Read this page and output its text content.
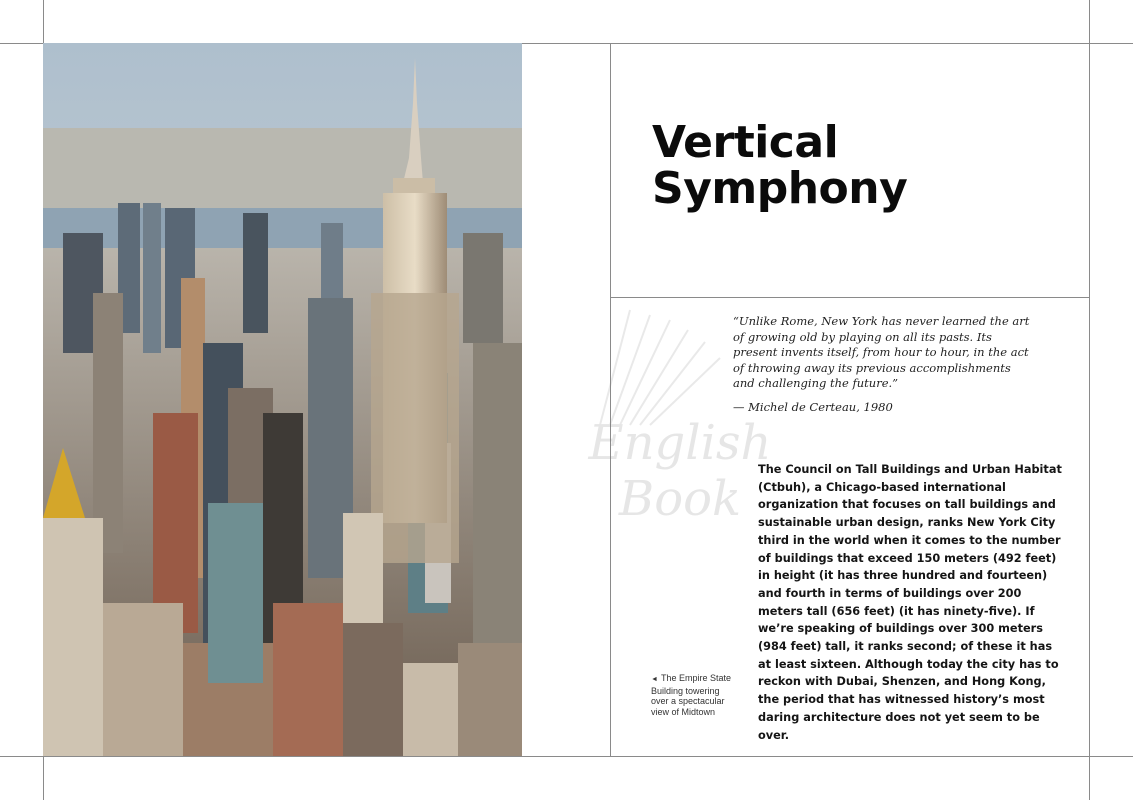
Vertical
Symphony
English Book
“Unlike Rome, New York has never learned the art of growing old by playing on all its pasts. Its present invents itself, from hour to hour, in the act of throwing away its previous accomplishments and challenging the future.”
— Michel de Certeau, 1980
The Council on Tall Buildings and Urban Habitat (Ctbuh), a Chicago-based international organization that focuses on tall buildings and sustainable urban design, ranks New York City third in the world when it comes to the number of buildings that exceed 150 meters (492 feet) in height (it has three hundred and fourteen) and fourth in terms of buildings over 200 meters tall (656 feet) (it has ninety-five). If we’re speaking of buildings over 300 meters (984 feet) tall, it ranks second; of these it has at least sixteen. Although today the city has to reckon with Dubai, Shenzen, and Hong Kong, the period that has witnessed history’s most daring architecture does not yet seem to be over.
◄ The Empire State Building towering over a spectacular view of Midtown
